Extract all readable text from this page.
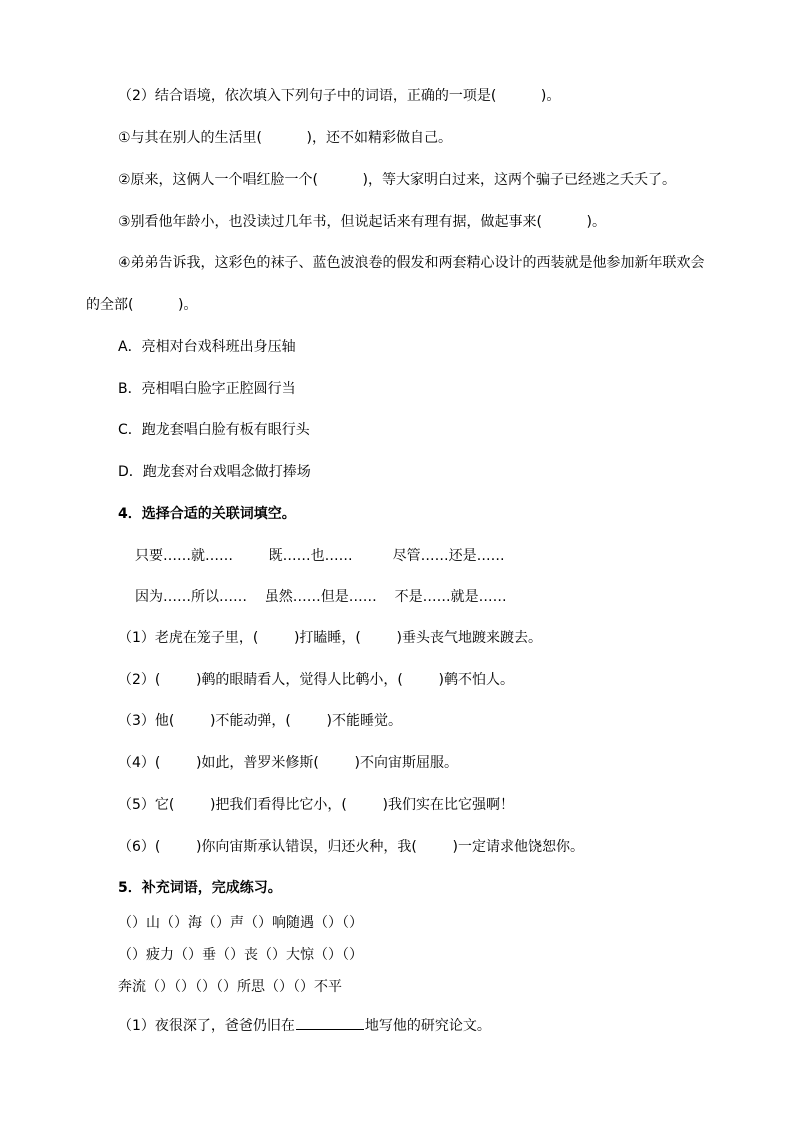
（2）结合语境，依次填入下列句子中的词语，正确的一项是(          )。
①与其在别人的生活里(          )，还不如精彩做自己。
②原来，这俩人一个唱红脸一个(          )，等大家明白过来，这两个骗子已经逃之夭夭了。
③别看他年龄小，也没读过几年书，但说起话来有理有据，做起事来(          )。
④弟弟告诉我，这彩色的袜子、蓝色波浪卷的假发和两套精心设计的西装就是他参加新年联欢会
的全部(          )。
A．亮相对台戏科班出身压轴
B．亮相唱白脸字正腔圆行当
C．跑龙套唱白脸有板有眼行头
D．跑龙套对台戏唱念做打捧场
4．选择合适的关联词填空。
只要……就……        既……也……         尽管……还是……
因为……所以……    虽然……但是……    不是……就是……
（1）老虎在笼子里，(        )打瞌睡，(        )垂头丧气地踱来踱去。
（2）(        )鹌的眼睛看人，觉得人比鹌小，(        )鹌不怕人。
（3）他(        )不能动弹，(        )不能睡觉。
（4）(        )如此，普罗米修斯(        )不向宙斯屈服。
（5）它(        )把我们看得比它小，(        )我们实在比它强啊！
（6）(        )你向宙斯承认错误，归还火种，我(        )一定请求他饶恕你。
5．补充词语，完成练习。
（）山（）海（）声（）响随遇（）（）
（）疲力（）垂（）丧（）大惊（）（）
奔流（）（）（）（）所思（）（）不平
（1）夜很深了，爸爸仍旧在	地写他的研究论文。
